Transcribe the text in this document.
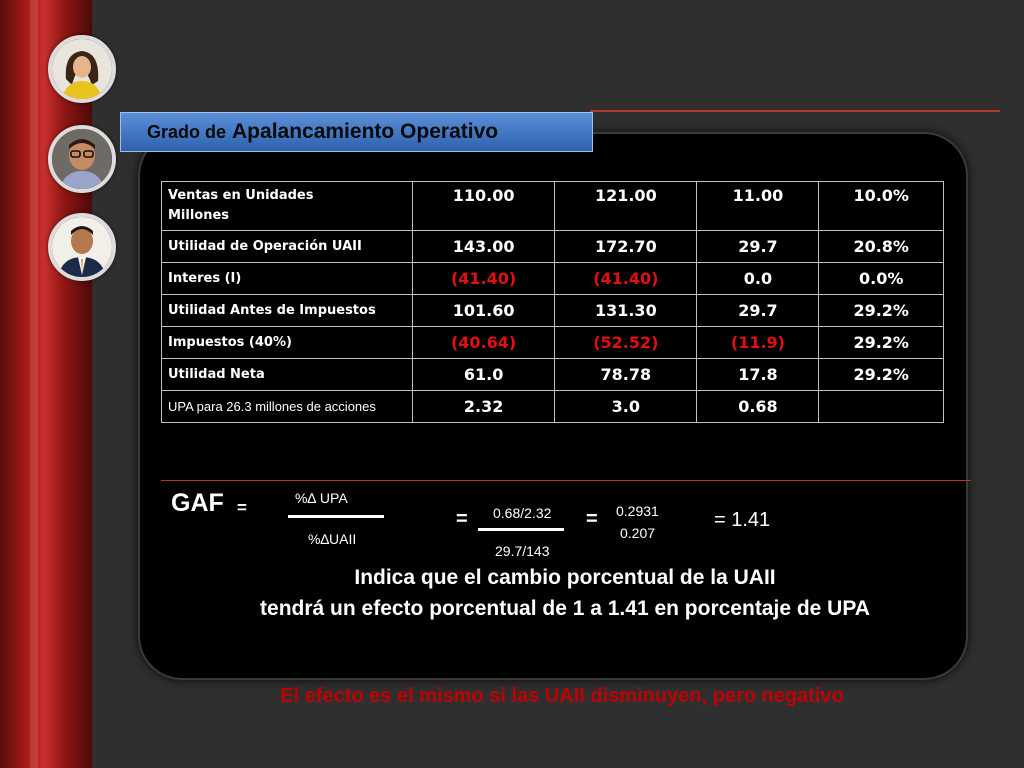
Grado de Apalancamiento Operativo
Ventas en Unidades	110.00	121.00	11.00	10.0%
Millones				
Utilidad de Operación UAII	143.00	172.70	29.7	20.8%
Interes (I)	(41.40)	(41.40)	0.0	0.0%
Utilidad Antes de Impuestos	101.60	131.30	29.7	29.2%
Impuestos (40%)	(40.64)	(52.52)	(11.9)	29.2%
Utilidad Neta	61.0	78.78	17.8	29.2%
UPA para 26.3 millones de acciones	2.32	3.0	0.68	
GAF =	%∆ UPA
%∆UAII
= 0.68/2.32
29.7/143
= 0.2931
0.207
= 1.41
Indica que el cambio porcentual de la UAII
tendrá un efecto porcentual de 1 a 1.41 en porcentaje de UPA
El efecto es el mismo si las UAII disminuyen, pero negativo
